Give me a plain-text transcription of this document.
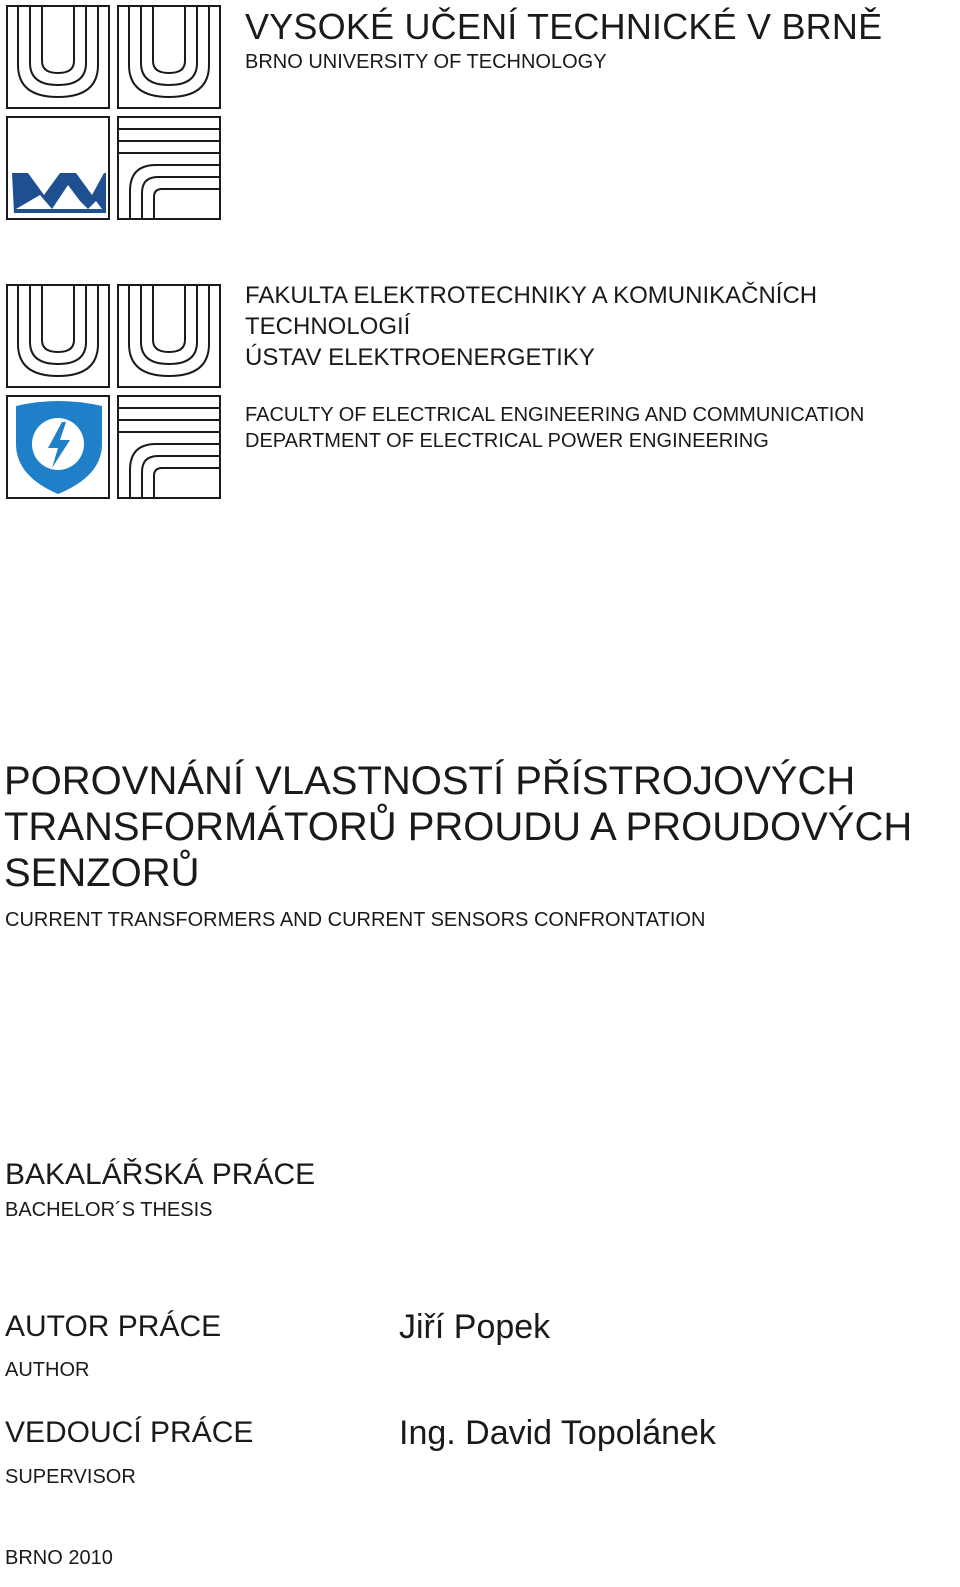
VYSOKÉ UČENÍ TECHNICKÉ V BRNĚ
BRNO UNIVERSITY OF TECHNOLOGY
FAKULTA ELEKTROTECHNIKY A KOMUNIKAČNÍCH
TECHNOLOGIÍ
ÚSTAV ELEKTROENERGETIKY
FACULTY OF ELECTRICAL ENGINEERING AND COMMUNICATION
DEPARTMENT OF ELECTRICAL POWER ENGINEERING
POROVNÁNÍ VLASTNOSTÍ PŘÍSTROJOVÝCH TRANSFORMÁTORŮ PROUDU A PROUDOVÝCH SENZORŮ
CURRENT TRANSFORMERS AND CURRENT SENSORS CONFRONTATION
BAKALÁŘSKÁ PRÁCE
BACHELOR´S THESIS
AUTOR PRÁCE
AUTHOR
Jiří Popek
VEDOUCÍ PRÁCE
SUPERVISOR
Ing. David Topolánek
BRNO 2010
